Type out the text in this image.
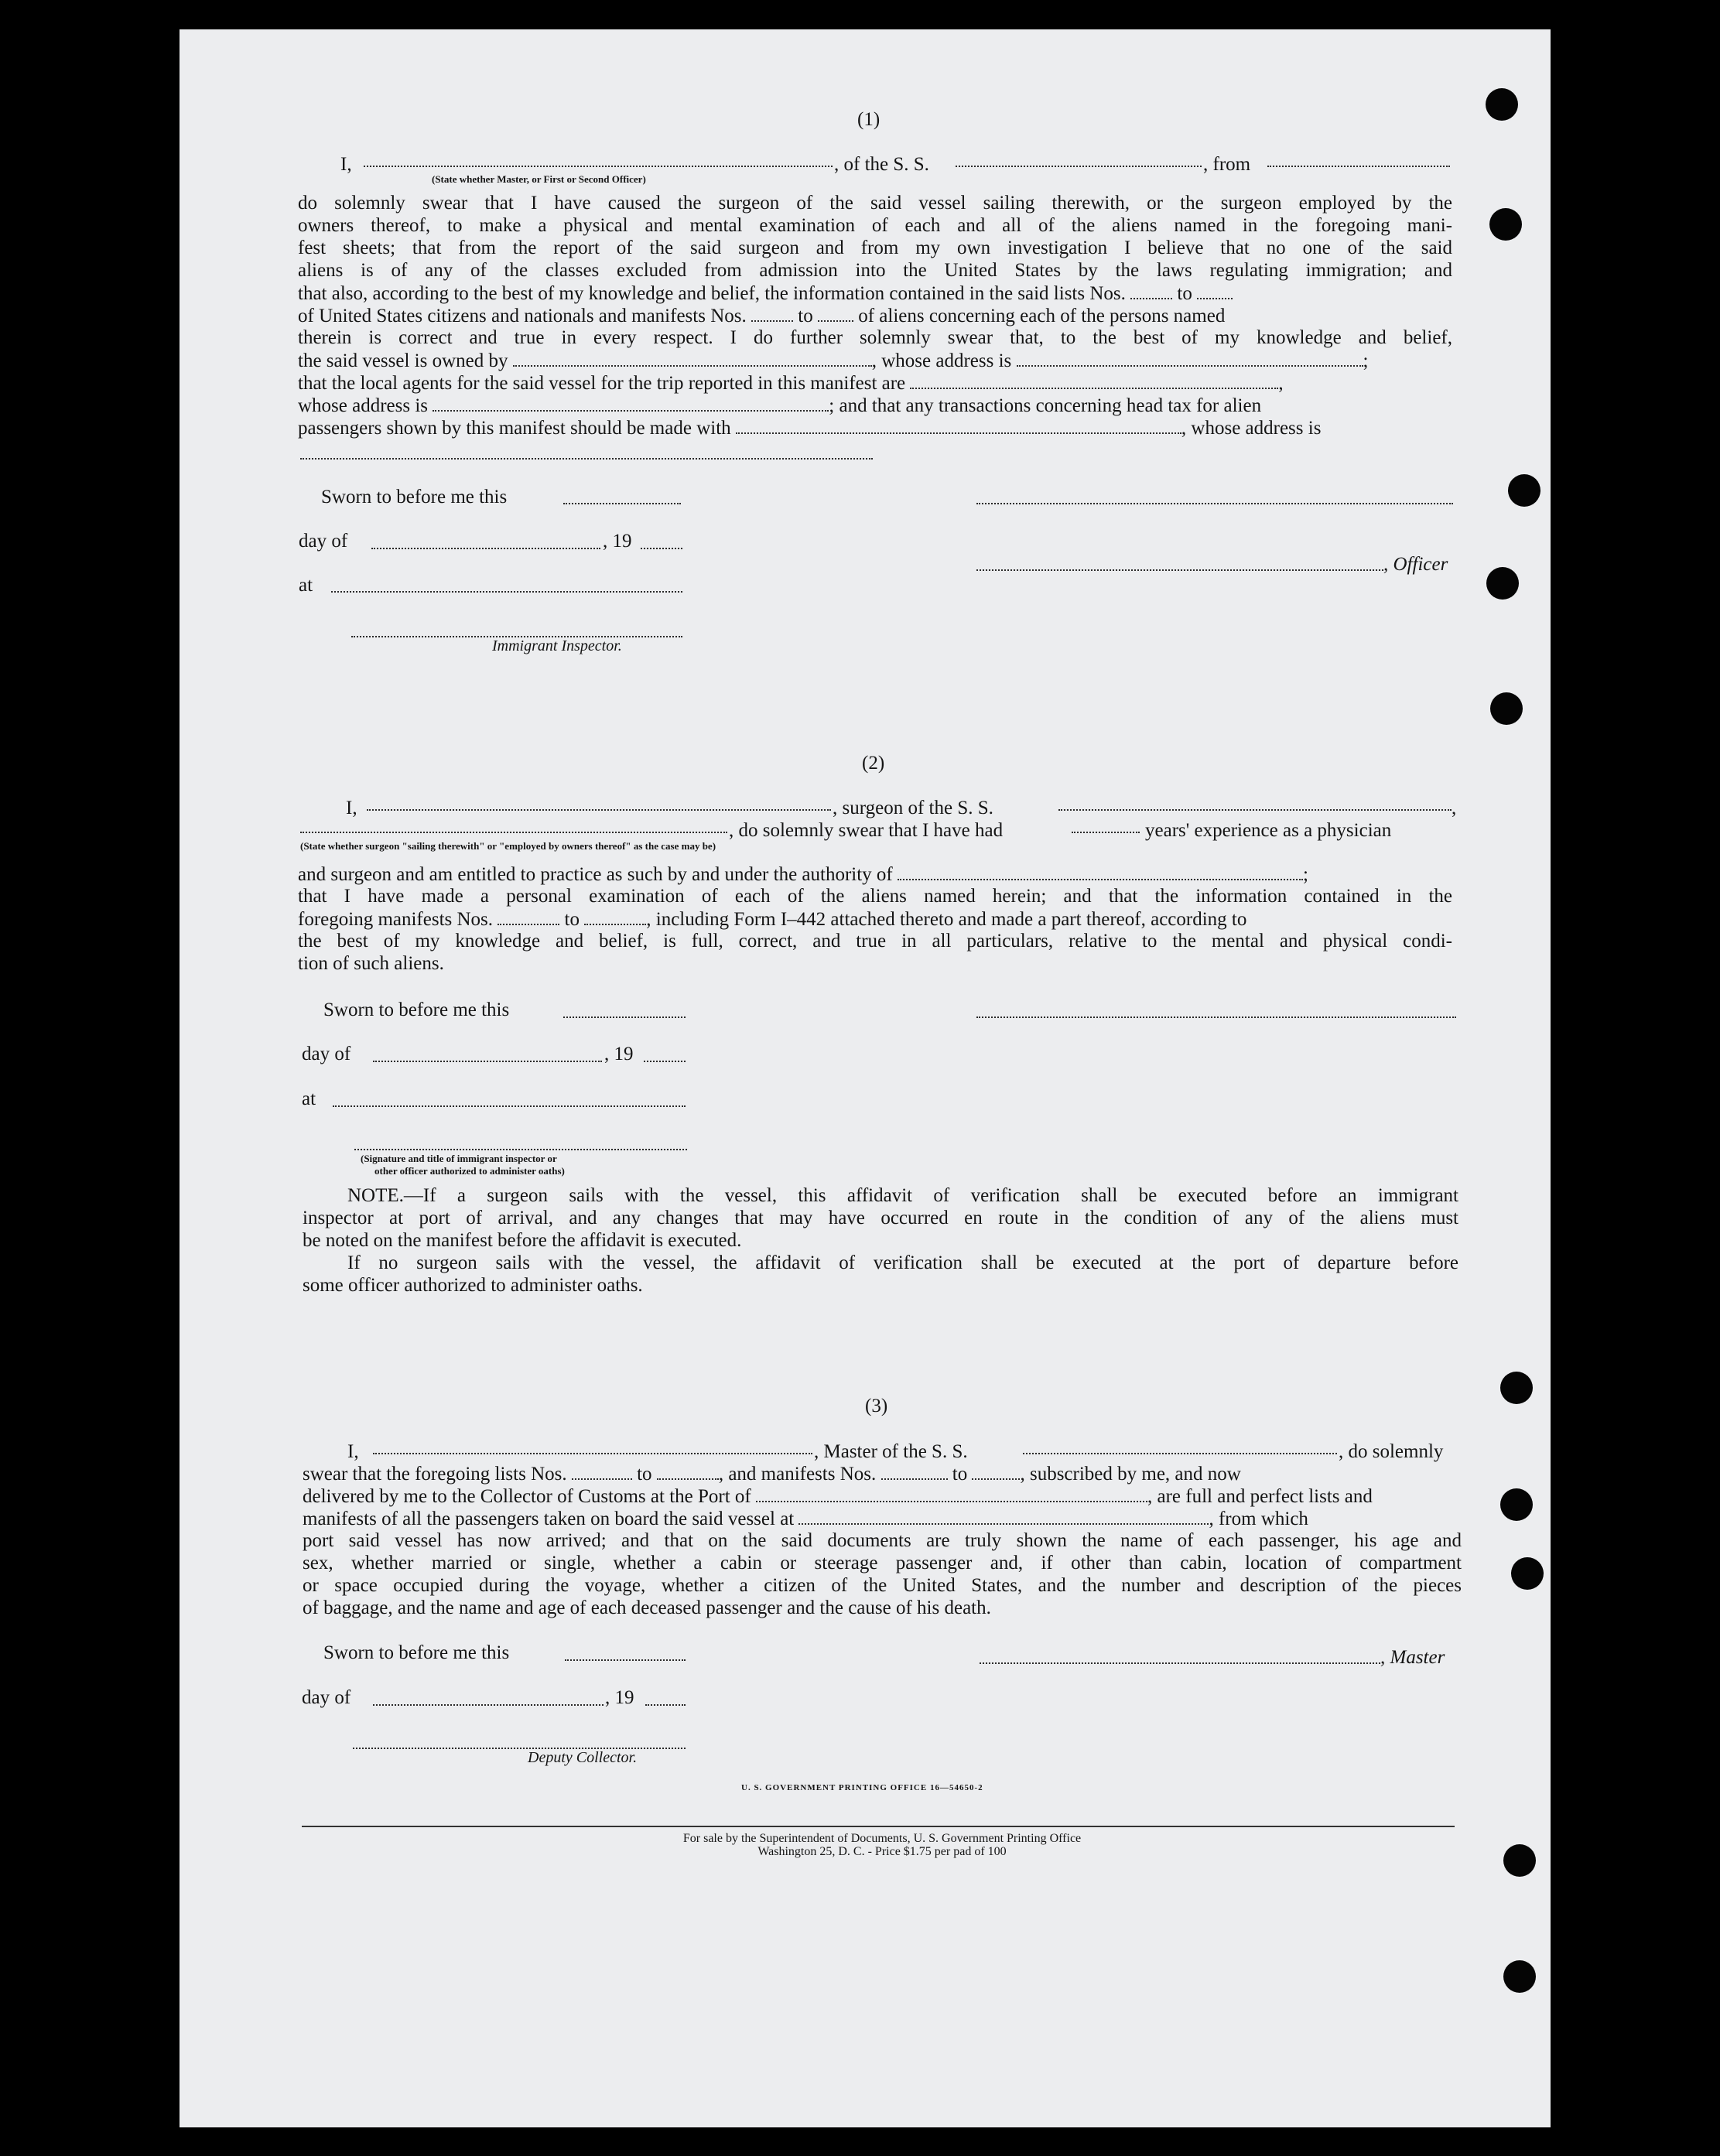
(1)
I,	, of the S. S.	, from
(State whether Master, or First or Second Officer)
do solemnly swear that I have caused the surgeon of the said vessel sailing therewith, or the surgeon employed by the
owners thereof, to make a physical and mental examination of each and all of the aliens named in the foregoing mani-
fest sheets; that from the report of the said surgeon and from my own investigation I believe that no one of the said
aliens is of any of the classes excluded from admission into the United States by the laws regulating immigration; and
that also, according to the best of my knowledge and belief, the information contained in the said lists Nos.	to
of United States citizens and nationals and manifests Nos.	to of aliens concerning each of the persons named
therein is correct and true in every respect. I do further solemnly swear that, to the best of my knowledge and belief,
the said vessel is owned by	, whose address is	;
that the local agents for the said vessel for the trip reported in this manifest are	,
whose address is	; and that any transactions concerning head tax for alien
passengers shown by this manifest should be made with	, whose address is
Sworn to before me this
day of	, 19
, Officer
at
Immigrant Inspector.
(2)
I,	, surgeon of the S. S.	,
, do solemnly swear that I have had	years' experience as a physician
(State whether surgeon "sailing therewith" or "employed by owners thereof" as the case may be)
and surgeon and am entitled to practice as such by and under the authority of	;
that I have made a personal examination of each of the aliens named herein; and that the information contained in the
foregoing manifests Nos.	to	, including Form I–442 attached thereto and made a part thereof, according to
the best of my knowledge and belief, is full, correct, and true in all particulars, relative to the mental and physical condi-
tion of such aliens.
Sworn to before me this
day of	, 19
at
(Signature and title of immigrant inspector or
other officer authorized to administer oaths)
NOTE.—If a surgeon sails with the vessel, this affidavit of verification shall be executed before an immigrant
inspector at port of arrival, and any changes that may have occurred en route in the condition of any of the aliens must
be noted on the manifest before the affidavit is executed.
If no surgeon sails with the vessel, the affidavit of verification shall be executed at the port of departure before
some officer authorized to administer oaths.
(3)
I,	, Master of the S. S.	, do solemnly
swear that the foregoing lists Nos.	to	, and manifests Nos.	to	, subscribed by me, and now
delivered by me to the Collector of Customs at the Port of	, are full and perfect lists and
manifests of all the passengers taken on board the said vessel at	, from which
port said vessel has now arrived; and that on the said documents are truly shown the name of each passenger, his age and
sex, whether married or single, whether a cabin or steerage passenger and, if other than cabin, location of compartment
or space occupied during the voyage, whether a citizen of the United States, and the number and description of the pieces
of baggage, and the name and age of each deceased passenger and the cause of his death.
Sworn to before me this	, Master
day of	, 19
Deputy Collector.
U. S. GOVERNMENT PRINTING OFFICE 16—54650-2
For sale by the Superintendent of Documents, U. S. Government Printing Office
Washington 25, D. C. - Price $1.75 per pad of 100
